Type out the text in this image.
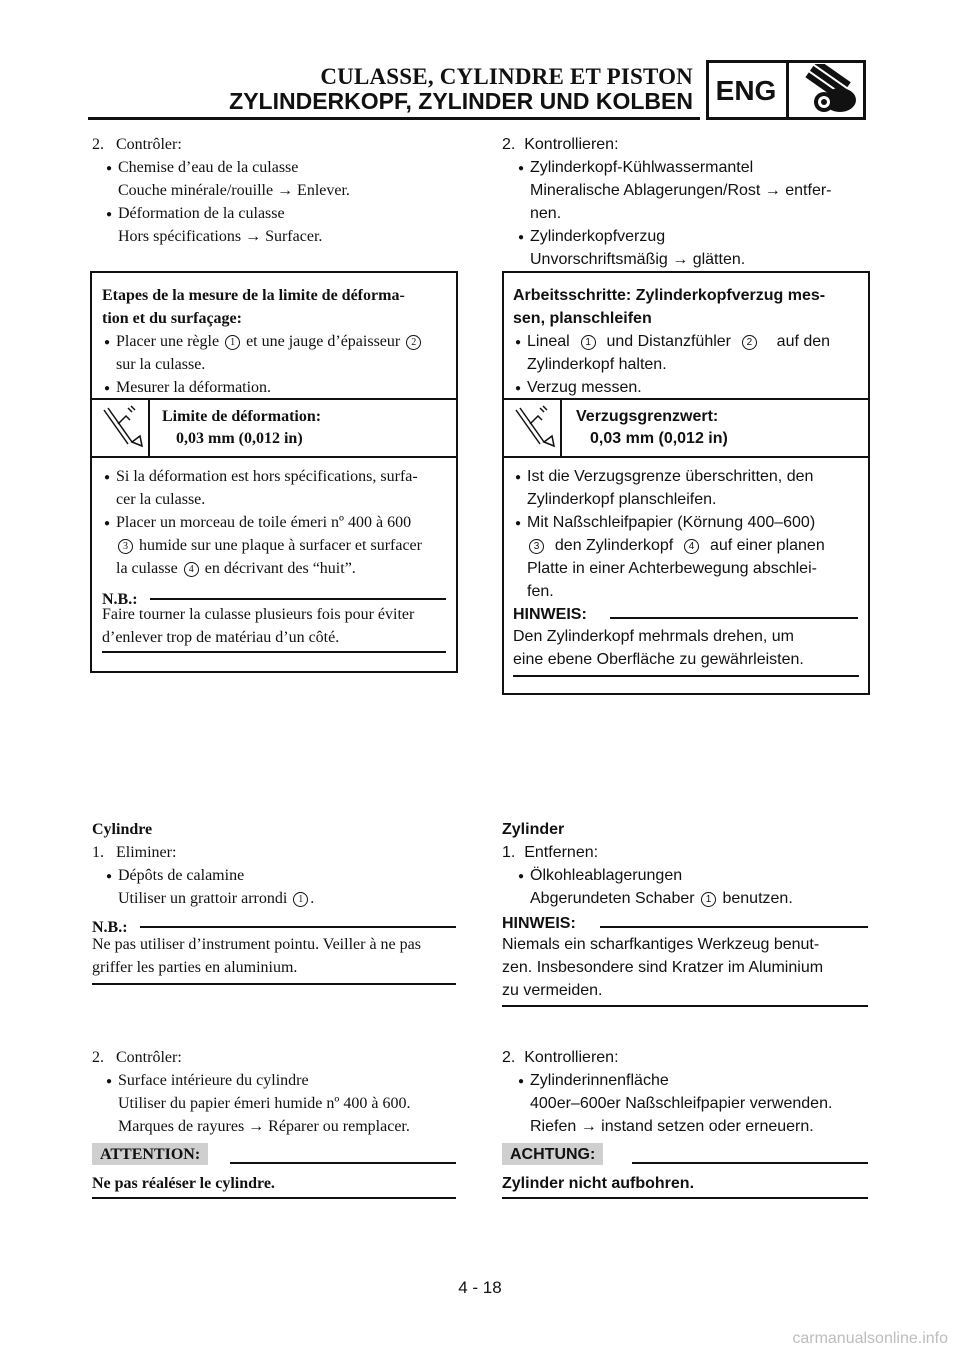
CULASSE, CYLINDRE ET PISTON
ZYLINDERKOPF, ZYLINDER UND KOLBEN ENG
2. Contrôler:
● Chemise d’eau de la culasse
Couche minérale/rouille → Enlever.
● Déformation de la culasse
Hors spécifications → Surfacer.
Etapes de la mesure de la limite de déforma-
tion et du surfaçage:
● Placer une règle 1 et une jauge d’épaisseur 2
sur la culasse.
● Mesurer la déformation.
Limite de déformation:
0,03 mm (0,012 in)
● Si la déformation est hors spécifications, surfa-
cer la culasse.
● Placer un morceau de toile émeri nº 400 à 600
3 humide sur une plaque à surfacer et surfacer
la culasse 4 en décrivant des “huit”.
N.B.:
Faire tourner la culasse plusieurs fois pour éviter
d’enlever trop de matériau d’un côté.
Cylindre
1. Eliminer:
● Dépôts de calamine
Utiliser un grattoir arrondi 1 .
N.B.:
Ne pas utiliser d’instrument pointu. Veiller à ne pas
griffer les parties en aluminium.
2. Contrôler:
● Surface intérieure du cylindre
Utiliser du papier émeri humide nº 400 à 600.
Marques de rayures → Réparer ou remplacer.
ATTENTION:
Ne pas réaléser le cylindre.
2. Kontrollieren:
● Zylinderkopf-Kühlwassermantel
Mineralische Ablagerungen/Rost → entfer-
nen.
● Zylinderkopfverzug
Unvorschriftsmäßig → glätten.
Arbeitsschritte: Zylinderkopfverzug mes-
sen, planschleifen
● Lineal 1 und Distanzfühler 2 auf den
Zylinderkopf halten.
● Verzug messen.
Verzugsgrenzwert:
0,03 mm (0,012 in)
● Ist die Verzugsgrenze überschritten, den
Zylinderkopf planschleifen.
● Mit Naßschleifpapier (Körnung 400–600)
3 den Zylinderkopf 4 auf einer planen
Platte in einer Achterbewegung abschlei-
fen.
HINWEIS:
Den Zylinderkopf mehrmals drehen, um
eine ebene Oberfläche zu gewährleisten.
Zylinder
1. Entfernen:
● Ölkohleablagerungen
Abgerundeten Schaber 1 benutzen.
HINWEIS:
Niemals ein scharfkantiges Werkzeug benut-
zen. Insbesondere sind Kratzer im Aluminium
zu vermeiden.
2. Kontrollieren:
● Zylinderinnenfläche
400er–600er Naßschleifpapier verwenden.
Riefen → instand setzen oder erneuern.
ACHTUNG:
Zylinder nicht aufbohren.
4 - 18
carmanualsonline.info
